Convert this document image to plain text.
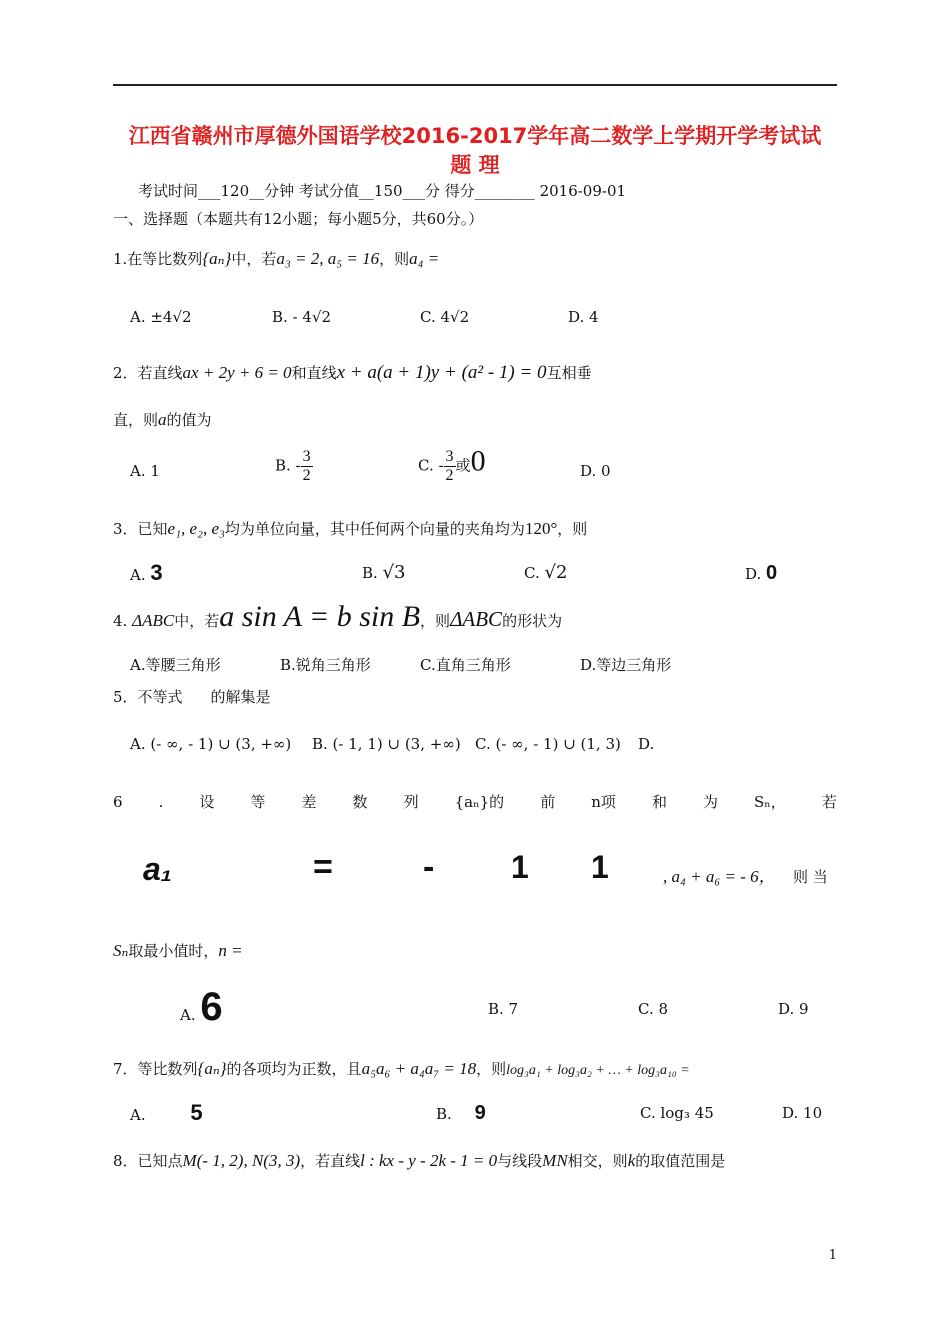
江西省赣州市厚德外国语学校2016-2017学年高二数学上学期开学考试试
题 理
考试时间___120__分钟 考试分值__150___分 得分________ 2016-09-01
一、选择题（本题共有12小题；每小题5分，共60分。）
1.在等比数列{aₙ}中，若a₃ = 2, a₅ = 16，则a₄ =
A. ±4√2	B. - 4√2	C. 4√2	D. 4
2．若直线ax + 2y + 6 = 0和直线x + a(a + 1)y + (a² - 1) = 0互相垂
直，则a的值为
A. 1	B. - $\frac{3}{2}$	C. - $\frac{3}{2}$ 或0	D. 0
3．已知e₁, e₂, e₃均为单位向量，其中任何两个向量的夹角均为120°，则
A. 3	B. √3	C. √2	D. 0
4. ΔABC中，若a sin A = b sin B，则ΔABC的形状为
A.等腰三角形	B.锐角三角形	C.直角三角形	D.等边三角形
5．不等式 的解集是
A. (- ∞, - 1) ∪ (3, +∞) B. (- 1, 1) ∪ (3, +∞) C. (- ∞, - 1) ∪ (1, 3) D.
6 . 设 等 差 数 列 {aₙ}的 前 n项 和 为 Sₙ， 若
a₁	=	- 1 1	, a₄ + a₆ = - 6， 则 当
Sₙ取最小值时，n =
A. 6	B. 7	C. 8	D. 9
7．等比数列{aₙ}的各项均为正数，且a₅a₆ + a₄a₇ = 18，则log₃a₁ + log₃a₂ + … + log₃a₁₀ =
A. 5	B. 9	C. log₃ 45	D. 10
8．已知点M(- 1, 2), N(3, 3)，若直线l : kx - y - 2k - 1 = 0与线段MN相交，则k的取值范围是
1
